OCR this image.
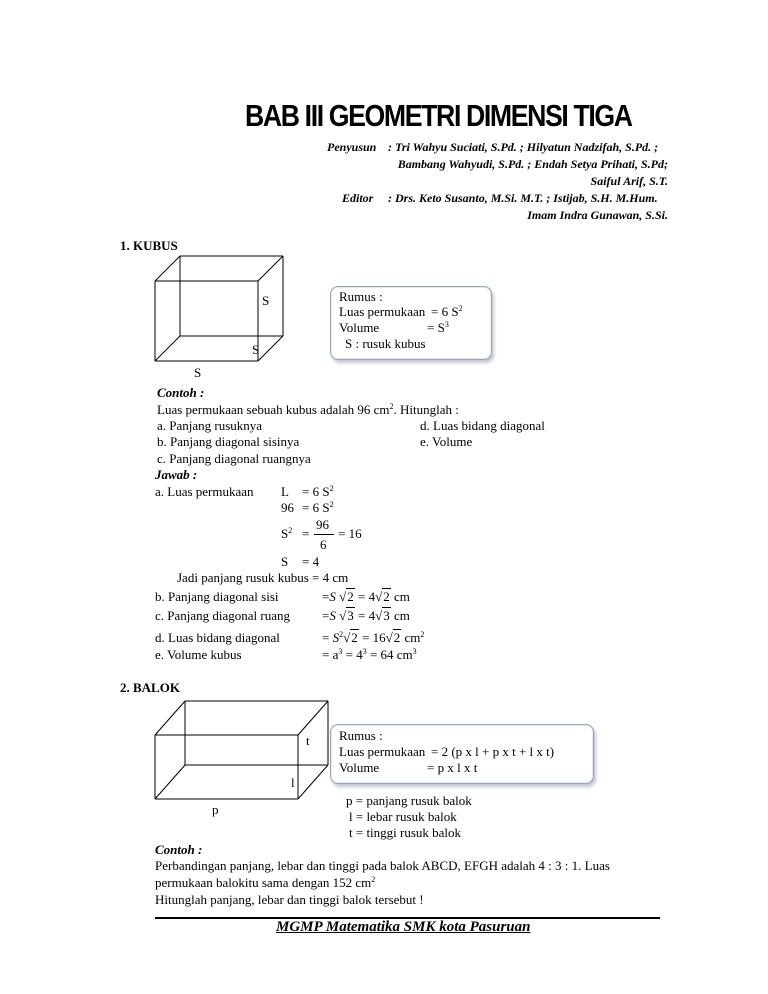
BAB III GEOMETRI DIMENSI TIGA
Penyusun : Tri Wahyu Suciati, S.Pd. ; Hilyatun Nadzifah, S.Pd. ;
Bambang Wahyudi, S.Pd. ; Endah Setya Prihati, S.Pd;
Saiful Arif, S.T.
Editor : Drs. Keto Susanto, M.Si. M.T. ; Istijab, S.H. M.Hum.
Imam Indra Gunawan, S.Si.
1. KUBUS
S
S
S
Rumus :
Luas permukaan = 6 $S^2$
Volume	= $S^3$
S : rusuk kubus
Contoh :
Luas permukaan sebuah kubus adalah 96 $cm^2$. Hitunglah :
a. Panjang rusuknya
b. Panjang diagonal sisinya
c. Panjang diagonal ruangnya
d. Luas bidang diagonal
e. Volume
Jawab :
a. Luas permukaan L = 6 $S^2$
96 = 6 $S^2$
$S^2$ =
96
6
= 16
S = 4
Jadi panjang rusuk kubus = 4 cm
b. Panjang diagonal sisi	=S √2 = 4√2 cm
c. Panjang diagonal ruang =S √3 = 4√3 cm
d. Luas bidang diagonal	= $S^2√2 = 16√2$ $cm^2$
e. Volume kubus	= $a^3 = 4^3 = 64$ $cm^3$
2. BALOK
t
l
p
Rumus :
Luas permukaan = 2 (p x l + p x t + l x t)
Volume	= p x l x t
p = panjang rusuk balok
l = lebar rusuk balok
t = tinggi rusuk balok
Contoh :
Perbandingan panjang, lebar dan tinggi pada balok ABCD, EFGH adalah 4 : 3 : 1. Luas
permukaan balokitu sama dengan 152 $cm^2$
Hitunglah panjang, lebar dan tinggi balok tersebut !
MGMP Matematika SMK kota Pasuruan
